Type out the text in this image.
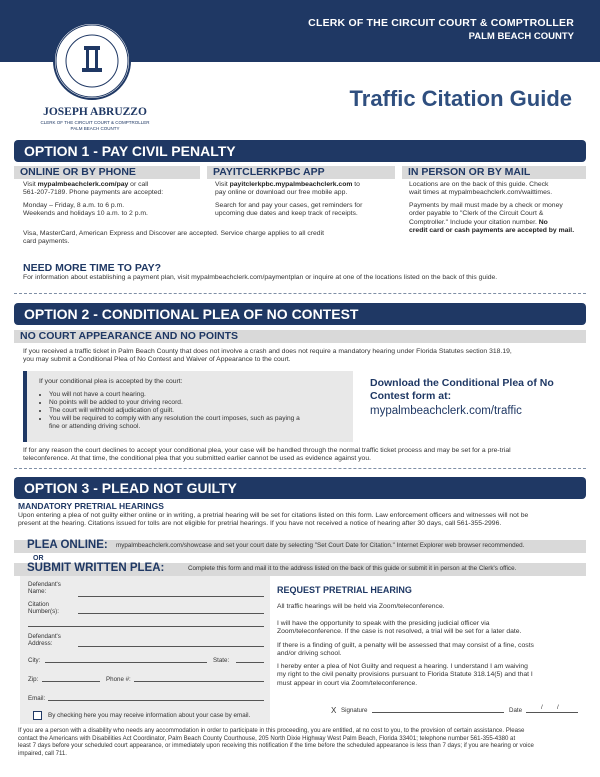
CLERK OF THE CIRCUIT COURT & COMPTROLLER
PALM BEACH COUNTY
JOSEPH ABRUZZO
CLERK OF THE CIRCUIT COURT & COMPTROLLER
PALM BEACH COUNTY
Traffic Citation Guide
OPTION 1 - PAY CIVIL PENALTY
ONLINE OR BY PHONE	PAYITCLERKPBC APP	IN PERSON OR BY MAIL
Visit mypalmbeachclerk.com/pay or call
561-207-7189. Phone payments are accepted:
Monday – Friday, 8 a.m. to 6 p.m.
Weekends and holidays 10 a.m. to 2 p.m.
Visit payitclerkpbc.mypalmbeachclerk.com to
pay online or download our free mobile app.
Search for and pay your cases, get reminders for
upcoming due dates and keep track of receipts.
Locations are on the back of this guide. Check
wait times at mypalmbeachclerk.com/waittimes.
Payments by mail must made by a check or money
order payable to "Clerk of the Circuit Court &
Comptroller." Include your citation number. No
credit card or cash payments are accepted by mail.
Visa, MasterCard, American Express and Discover are accepted. Service charge applies to all credit
card payments.
NEED MORE TIME TO PAY?
For information about establishing a payment plan, visit mypalmbeachclerk.com/paymentplan or inquire at one of the locations listed on the back of this guide.
OPTION 2 - CONDITIONAL PLEA OF NO CONTEST
NO COURT APPEARANCE AND NO POINTS
If you received a traffic ticket in Palm Beach County that does not involve a crash and does not require a mandatory hearing under Florida Statutes section 318.19,
you may submit a Conditional Plea of No Contest and Waiver of Appearance to the court.
If your conditional plea is accepted by the court:
• You will not have a court hearing.
• No points will be added to your driving record.
• The court will withhold adjudication of guilt.
• You will be required to comply with any resolution the court imposes, such as paying a
fine or attending driving school.
Download the Conditional Plea of No
Contest form at:
mypalmbeachclerk.com/traffic
If for any reason the court declines to accept your conditional plea, your case will be handled through the normal traffic ticket process and may be set for a pre-trial
teleconference. At that time, the conditional plea that you submitted earlier cannot be used as evidence against you.
OPTION 3 - PLEAD NOT GUILTY
MANDATORY PRETRIAL HEARINGS
Upon entering a plea of not guilty either online or in writing, a pretrial hearing will be set for citations listed on this form. Law enforcement officers and witnesses will not be
present at the hearing. Citations issued for tolls are not eligible for pretrial hearings. If you have not received a notice of hearing after 30 days, call 561-355-2996.
PLEA ONLINE: mypalmbeachclerk.com/showcase and set your court date by selecting "Set Court Date for Citation." Internet Explorer web browser recommended.
OR
SUBMIT WRITTEN PLEA:	Complete this form and mail it to the address listed on the back of this guide or submit it in person at the Clerk's office.
Defendant's Name:
Citation Number(s):
Defendant's Address:
City:	State:
Zip:	Phone #:
Email:
By checking here you may receive information about your case by email.
REQUEST PRETRIAL HEARING
All traffic hearings will be held via Zoom/teleconference.
I will have the opportunity to speak with the presiding judicial officer via
Zoom/teleconference. If the case is not resolved, a trial will be set for a later date.
If there is a finding of guilt, a penalty will be assessed that may consist of a fine, costs
and/or driving school.
I hereby enter a plea of Not Guilty and request a hearing. I understand I am waiving
my right to the civil penalty provisions pursuant to Florida Statute 318.14(5) and that I
must appear in court via Zoom/teleconference.
X Signature	Date	/ /
If you are a person with a disability who needs any accommodation in order to participate in this proceeding, you are entitled, at no cost to you, to the provision of certain assistance. Please
contact the Americans with Disabilities Act Coordinator, Palm Beach County Courthouse, 205 North Dixie Highway West Palm Beach, Florida 33401; telephone number 561-355-4380 at
least 7 days before your scheduled court appearance, or immediately upon receiving this notification if the time before the scheduled appearance is less than 7 days; if you are hearing or voice
impaired, call 711.
